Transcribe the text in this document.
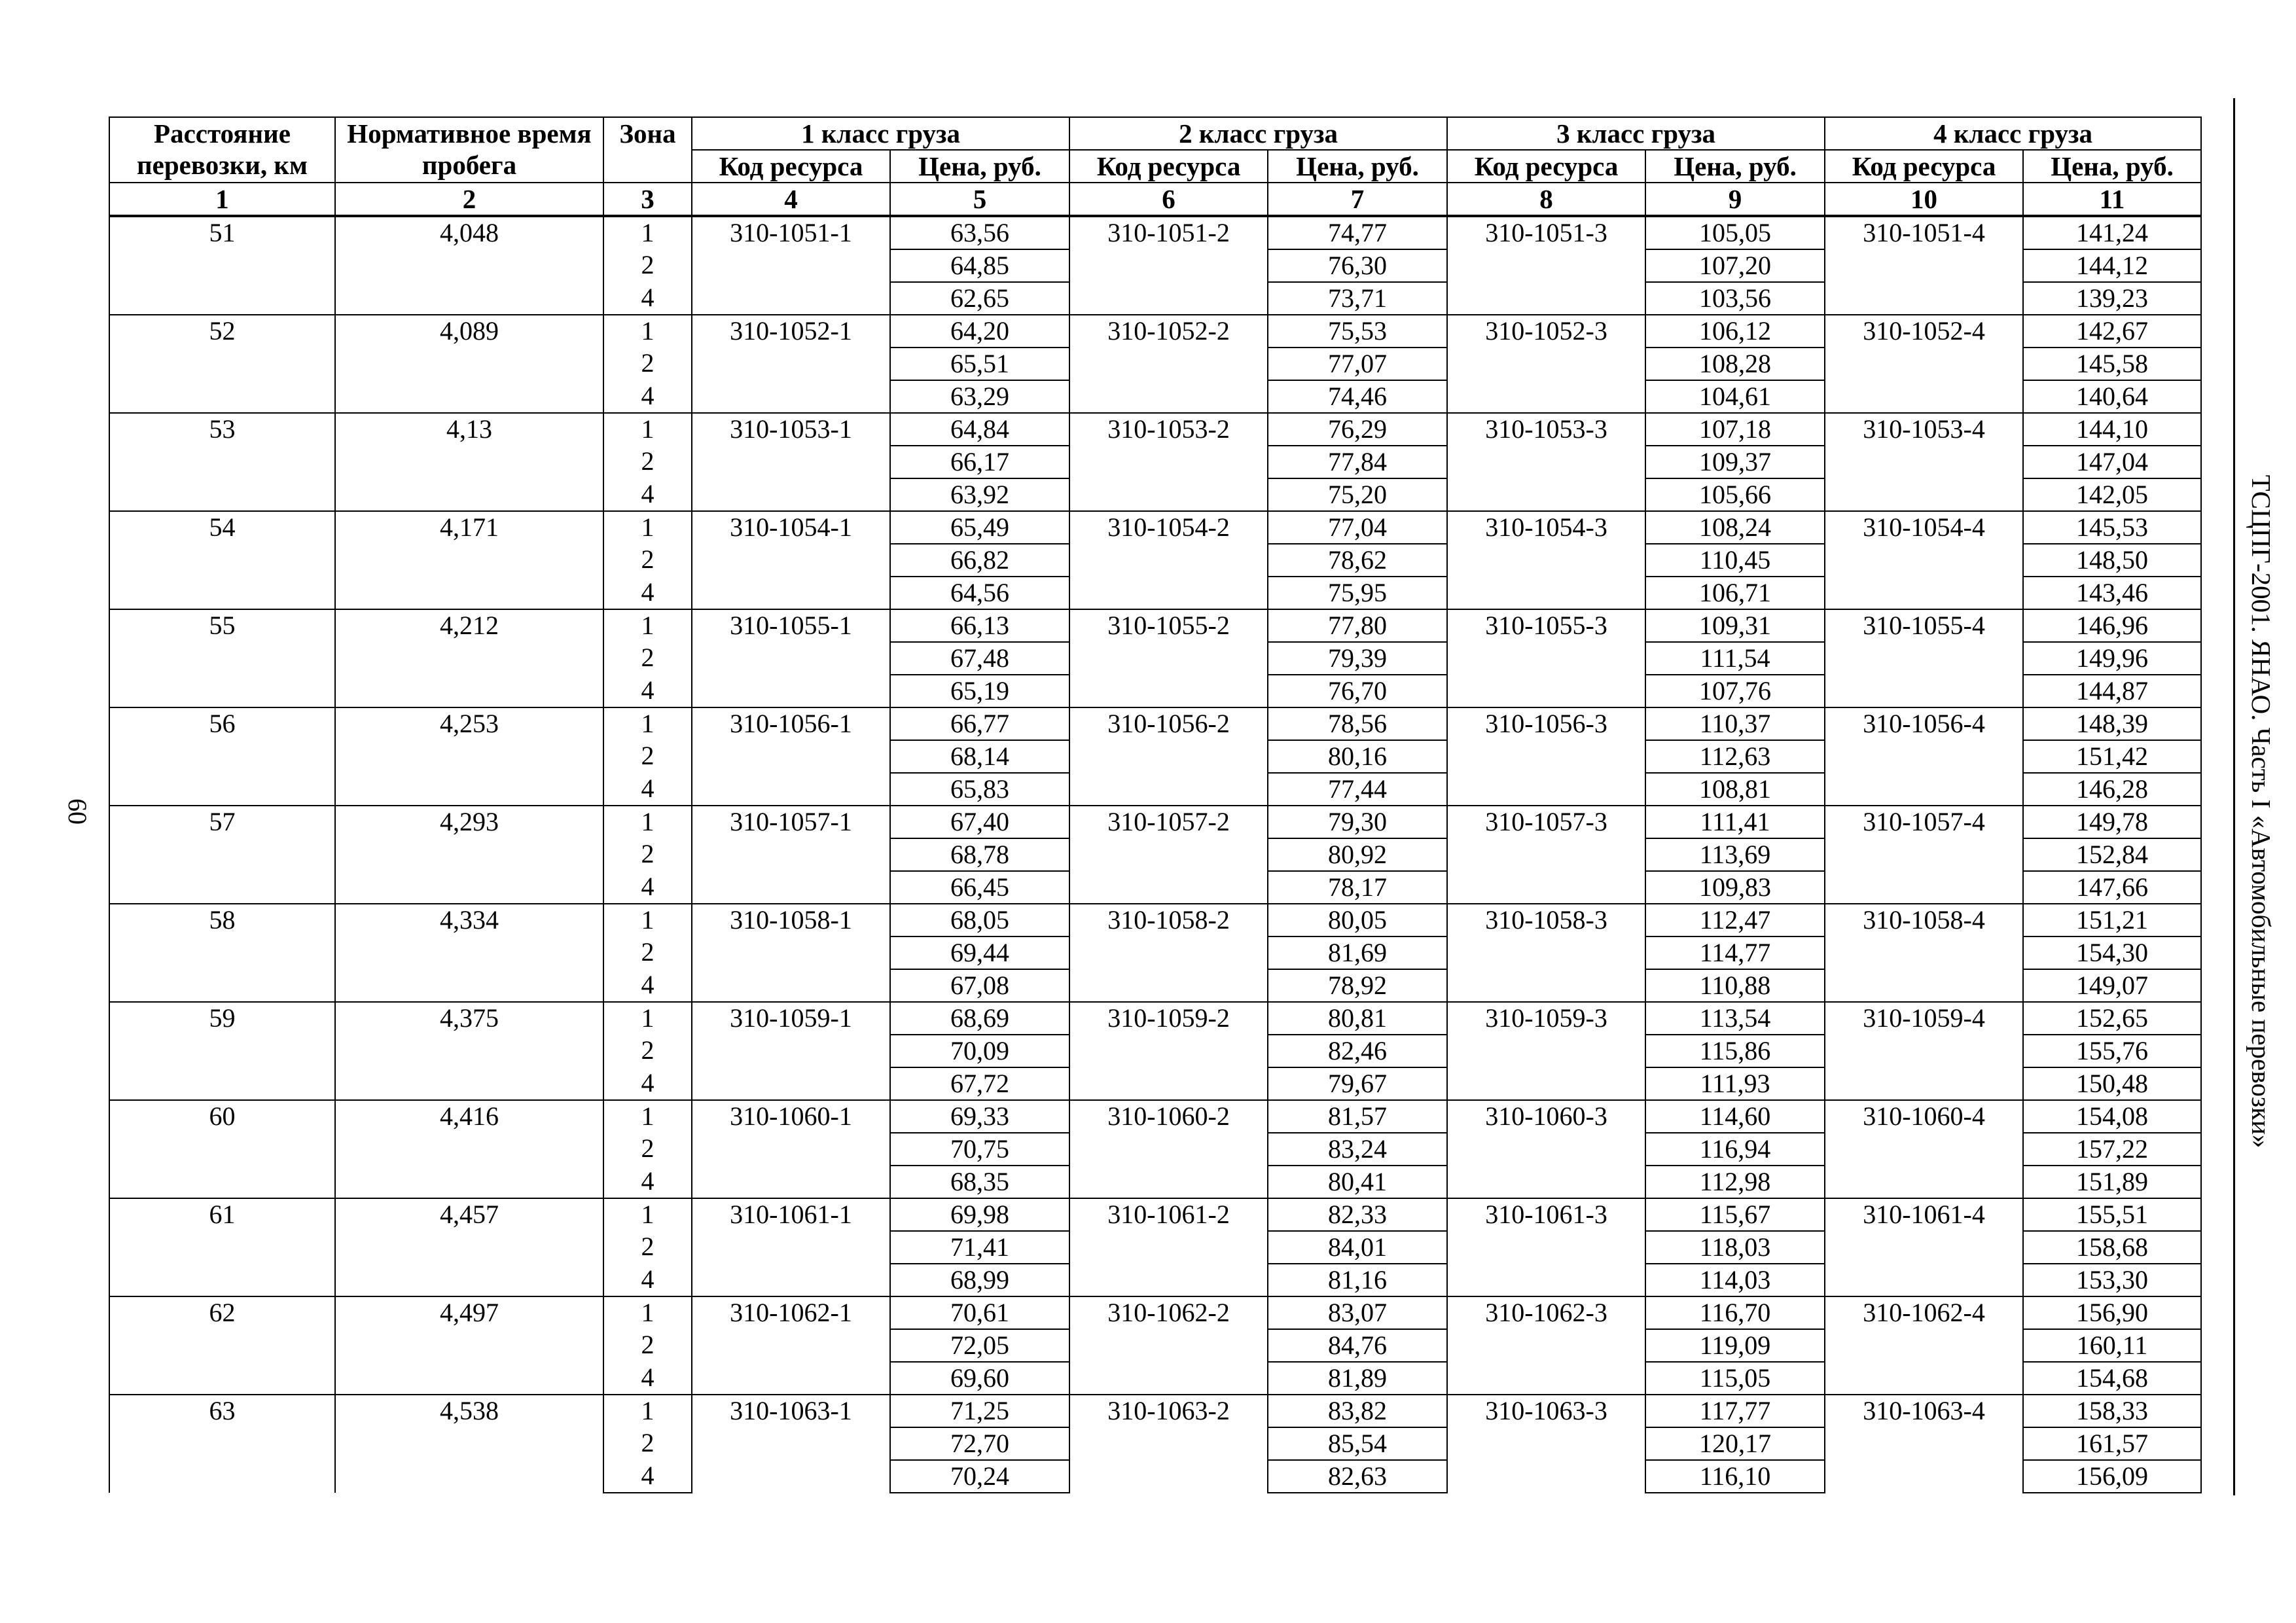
ТСЦПГ-2001. ЯНАО. Часть I «Автомобильные перевозки»
60
Расстояние перевозки, км	Нормативное время пробега	Зона	1 класс груза		2 класс груза		3 класс груза		4 класс груза	
			Код ресурса	Цена, руб.	Код ресурса	Цена, руб.	Код ресурса	Цена, руб.	Код ресурса	Цена, руб.
1	2	3	4	5	6	7	8	9	10	11
51	4,048	1	310-1051-1	63,56	310-1051-2	74,77	310-1051-3	105,05	310-1051-4	141,24
		2		64,85		76,30		107,20		144,12
		4		62,65		73,71		103,56		139,23
52	4,089	1	310-1052-1	64,20	310-1052-2	75,53	310-1052-3	106,12	310-1052-4	142,67
		2		65,51		77,07		108,28		145,58
		4		63,29		74,46		104,61		140,64
53	4,13	1	310-1053-1	64,84	310-1053-2	76,29	310-1053-3	107,18	310-1053-4	144,10
		2		66,17		77,84		109,37		147,04
		4		63,92		75,20		105,66		142,05
54	4,171	1	310-1054-1	65,49	310-1054-2	77,04	310-1054-3	108,24	310-1054-4	145,53
		2		66,82		78,62		110,45		148,50
		4		64,56		75,95		106,71		143,46
55	4,212	1	310-1055-1	66,13	310-1055-2	77,80	310-1055-3	109,31	310-1055-4	146,96
		2		67,48		79,39		111,54		149,96
		4		65,19		76,70		107,76		144,87
56	4,253	1	310-1056-1	66,77	310-1056-2	78,56	310-1056-3	110,37	310-1056-4	148,39
		2		68,14		80,16		112,63		151,42
		4		65,83		77,44		108,81		146,28
57	4,293	1	310-1057-1	67,40	310-1057-2	79,30	310-1057-3	111,41	310-1057-4	149,78
		2		68,78		80,92		113,69		152,84
		4		66,45		78,17		109,83		147,66
58	4,334	1	310-1058-1	68,05	310-1058-2	80,05	310-1058-3	112,47	310-1058-4	151,21
		2		69,44		81,69		114,77		154,30
		4		67,08		78,92		110,88		149,07
59	4,375	1	310-1059-1	68,69	310-1059-2	80,81	310-1059-3	113,54	310-1059-4	152,65
		2		70,09		82,46		115,86		155,76
		4		67,72		79,67		111,93		150,48
60	4,416	1	310-1060-1	69,33	310-1060-2	81,57	310-1060-3	114,60	310-1060-4	154,08
		2		70,75		83,24		116,94		157,22
		4		68,35		80,41		112,98		151,89
61	4,457	1	310-1061-1	69,98	310-1061-2	82,33	310-1061-3	115,67	310-1061-4	155,51
		2		71,41		84,01		118,03		158,68
		4		68,99		81,16		114,03		153,30
62	4,497	1	310-1062-1	70,61	310-1062-2	83,07	310-1062-3	116,70	310-1062-4	156,90
		2		72,05		84,76		119,09		160,11
		4		69,60		81,89		115,05		154,68
63	4,538	1	310-1063-1	71,25	310-1063-2	83,82	310-1063-3	117,77	310-1063-4	158,33
		2		72,70		85,54		120,17		161,57
		4		70,24		82,63		116,10		156,09
